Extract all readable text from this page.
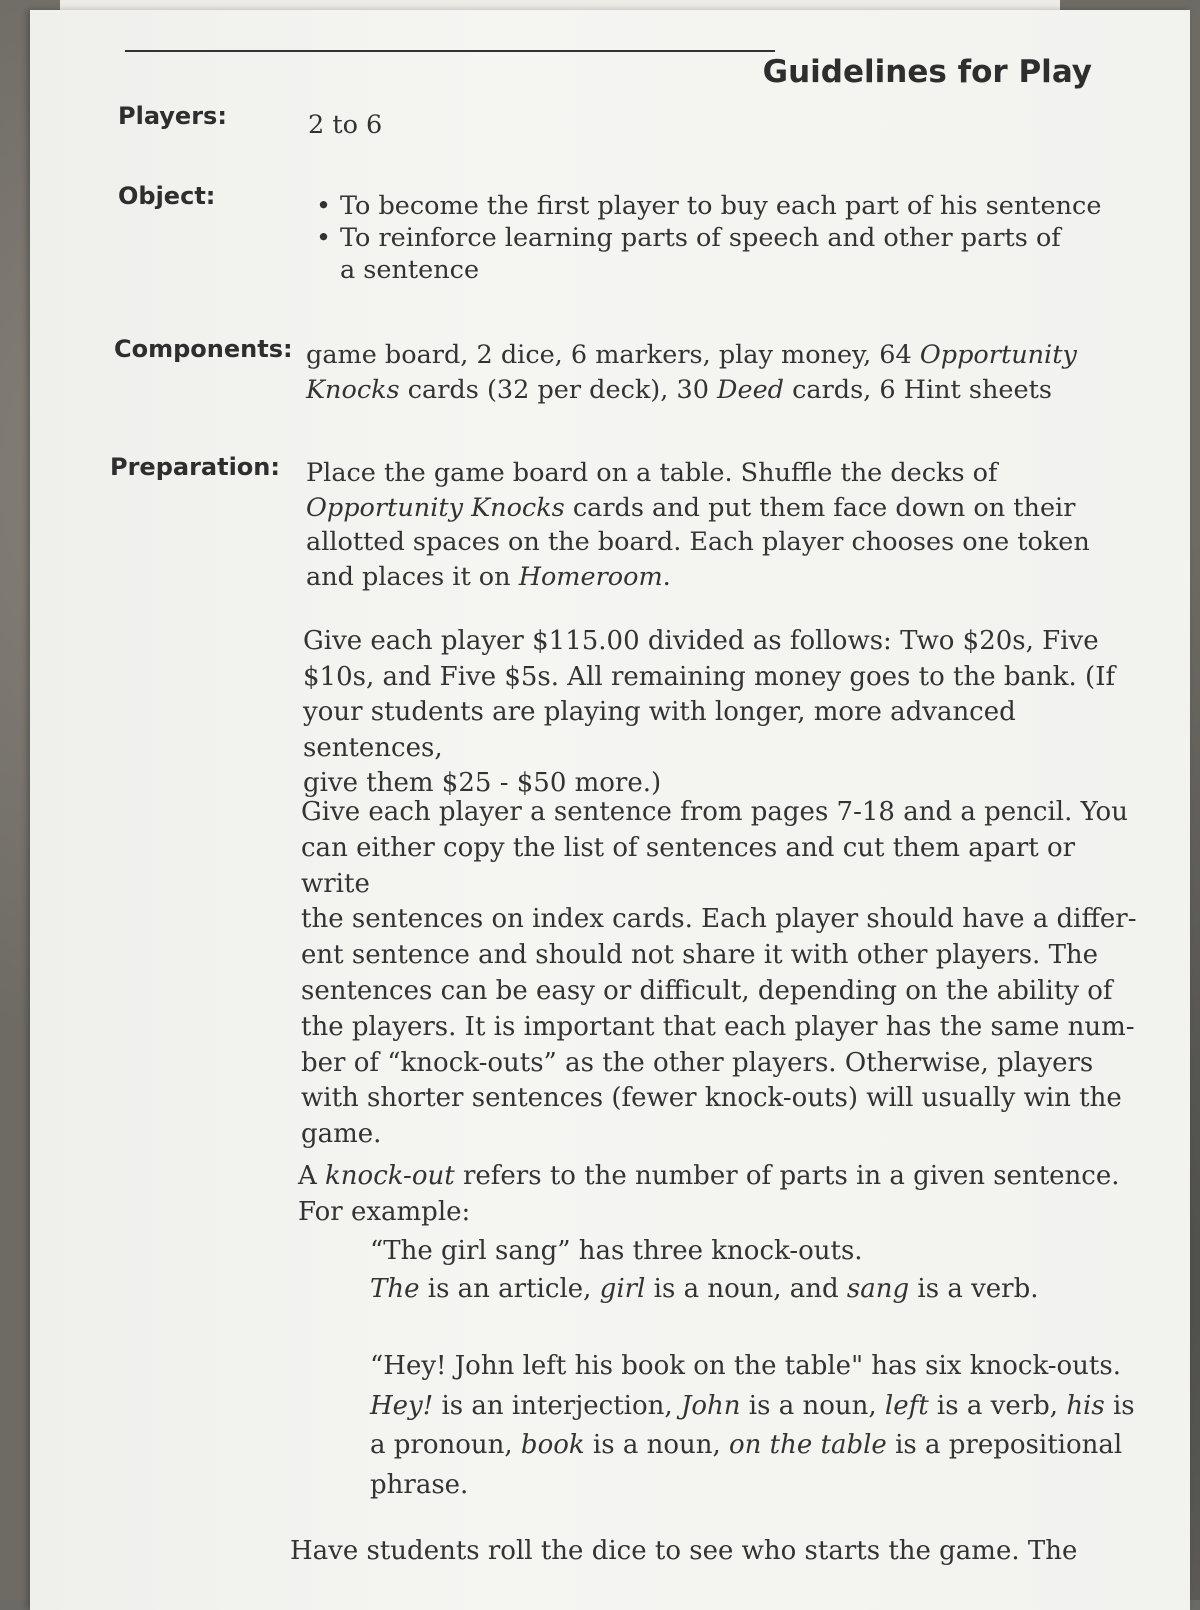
Guidelines for Play
Players:	2 to 6
Object:	• To become the first player to buy each part of his sentence
• To reinforce learning parts of speech and other parts of
a sentence
Components: game board, 2 dice, 6 markers, play money, 64 Opportunity
Knocks cards (32 per deck), 30 Deed cards, 6 Hint sheets
Preparation: Place the game board on a table. Shuffle the decks of
Opportunity Knocks cards and put them face down on their
allotted spaces on the board. Each player chooses one token
and places it on Homeroom.
Give each player $115.00 divided as follows: Two $20s, Five
$10s, and Five $5s. All remaining money goes to the bank. (If
your students are playing with longer, more advanced sentences,
give them $25 - $50 more.)
Give each player a sentence from pages 7-18 and a pencil. You
can either copy the list of sentences and cut them apart or write
the sentences on index cards. Each player should have a differ-
ent sentence and should not share it with other players. The
sentences can be easy or difficult, depending on the ability of
the players. It is important that each player has the same num-
ber of “knock-outs” as the other players. Otherwise, players
with shorter sentences (fewer knock-outs) will usually win the
game.
A knock-out refers to the number of parts in a given sentence.
For example:
“The girl sang” has three knock-outs.
The is an article, girl is a noun, and sang is a verb.
“Hey! John left his book on the table" has six knock-outs.
Hey! is an interjection, John is a noun, left is a verb, his is
a pronoun, book is a noun, on the table is a prepositional
phrase.
Have students roll the dice to see who starts the game. The
